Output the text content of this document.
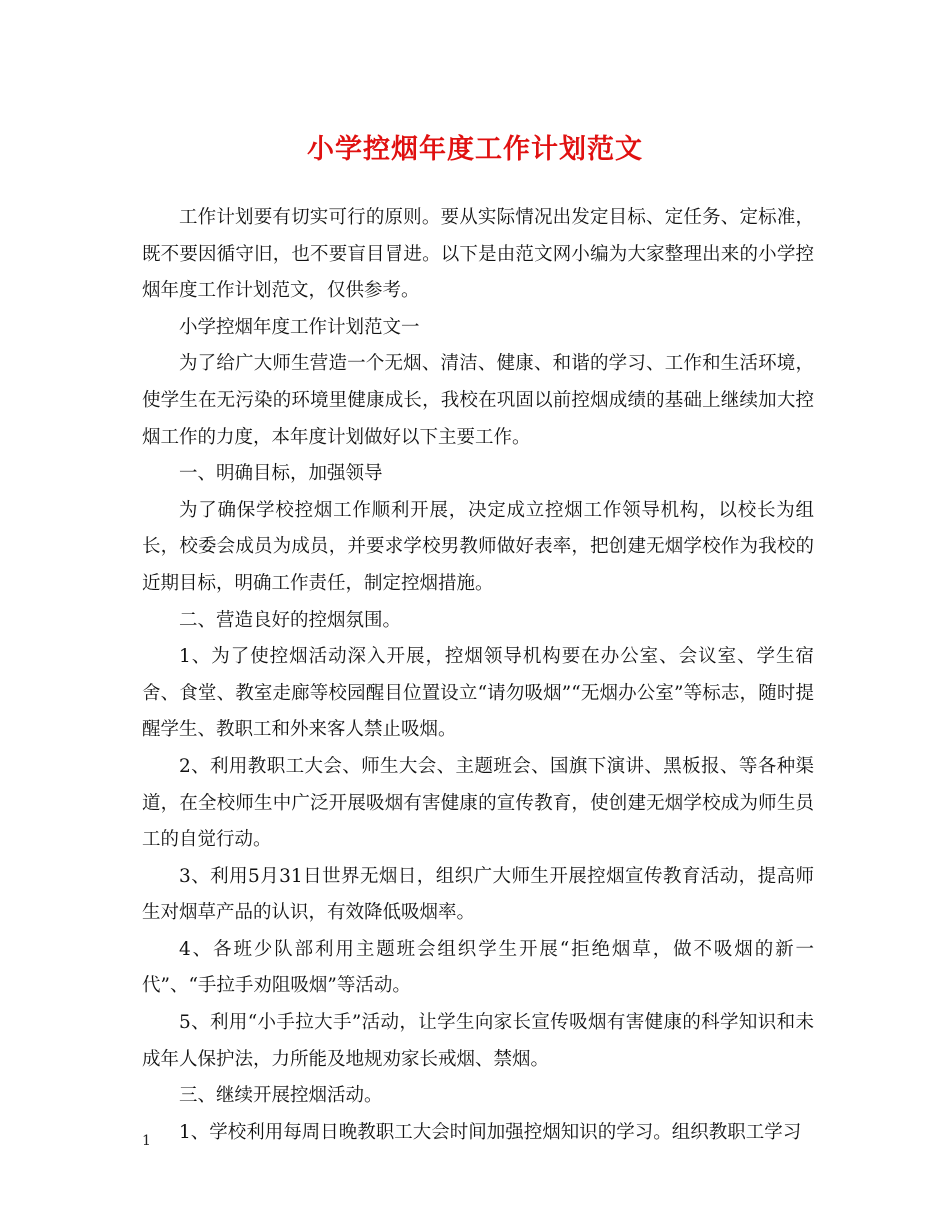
小学控烟年度工作计划范文

工作计划要有切实可行的原则。要从实际情况出发定目标、定任务、定标准，既不要因循守旧，也不要盲目冒进。以下是由范文网小编为大家整理出来的小学控烟年度工作计划范文，仅供参考。

小学控烟年度工作计划范文一

为了给广大师生营造一个无烟、清洁、健康、和谐的学习、工作和生活环境，使学生在无污染的环境里健康成长，我校在巩固以前控烟成绩的基础上继续加大控烟工作的力度，本年度计划做好以下主要工作。

一、明确目标，加强领导

为了确保学校控烟工作顺利开展，决定成立控烟工作领导机构，以校长为组长，校委会成员为成员，并要求学校男教师做好表率，把创建无烟学校作为我校的近期目标，明确工作责任，制定控烟措施。

二、营造良好的控烟氛围。

1、为了使控烟活动深入开展，控烟领导机构要在办公室、会议室、学生宿舍、食堂、教室走廊等校园醒目位置设立“请勿吸烟”“无烟办公室”等标志，随时提醒学生、教职工和外来客人禁止吸烟。

2、利用教职工大会、师生大会、主题班会、国旗下演讲、黑板报、等各种渠道，在全校师生中广泛开展吸烟有害健康的宣传教育，使创建无烟学校成为师生员工的自觉行动。

3、利用5月31日世界无烟日，组织广大师生开展控烟宣传教育活动，提高师生对烟草产品的认识，有效降低吸烟率。

4、各班少队部利用主题班会组织学生开展“拒绝烟草，做不吸烟的新一代”、“手拉手劝阻吸烟”等活动。

5、利用“小手拉大手”活动，让学生向家长宣传吸烟有害健康的科学知识和未成年人保护法，力所能及地规劝家长戒烟、禁烟。

三、继续开展控烟活动。

1、学校利用每周日晚教职工大会时间加强控烟知识的学习。组织教职工学习

1
